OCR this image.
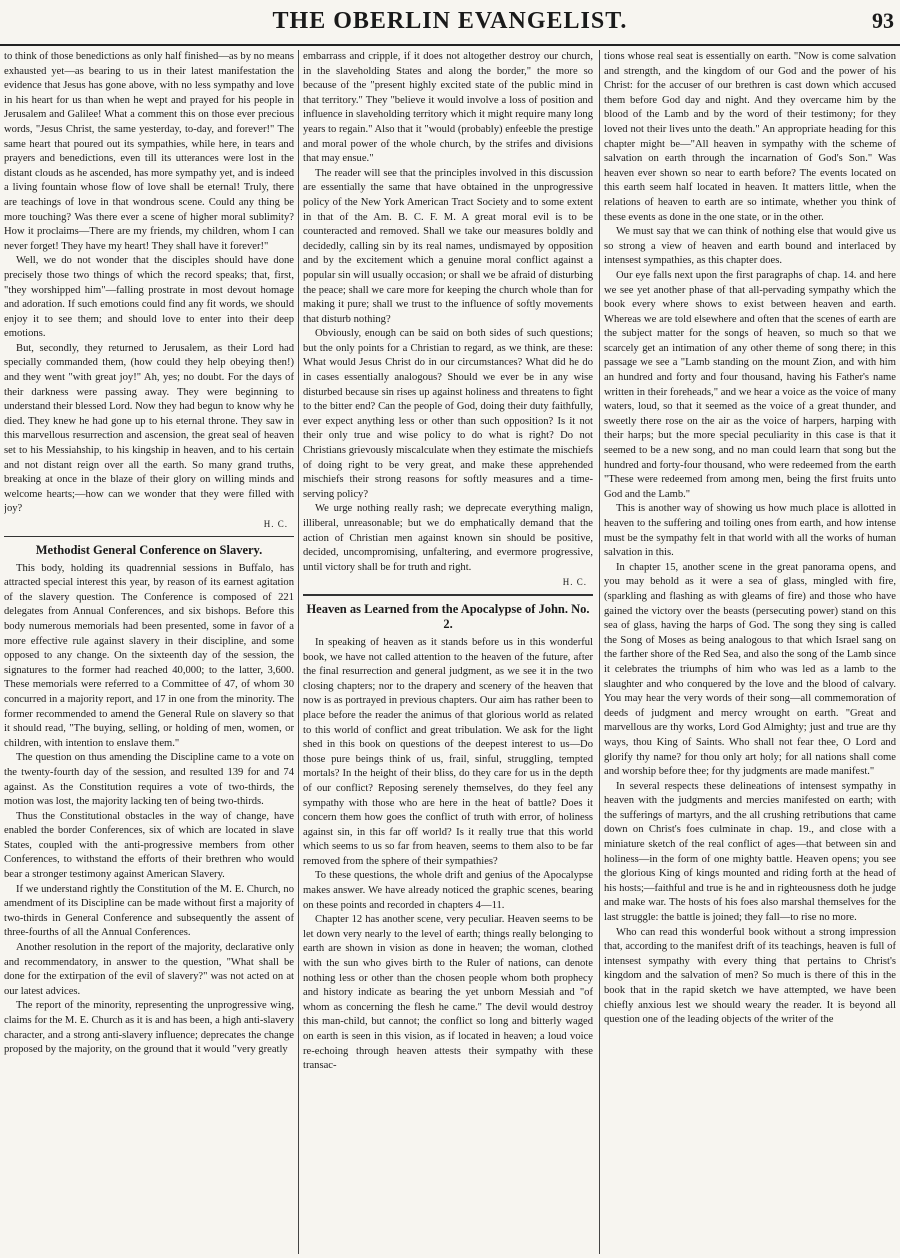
THE OBERLIN EVANGELIST.	93

to think of those benedictions as only half finished—as by no means exhausted yet—as bearing to us in their latest manifestation the evidence that Jesus has gone above, with no less sympathy and love in his heart for us than when he wept and prayed for his people in Jerusalem and Galilee! What a comment this on those ever precious words, "Jesus Christ, the same yesterday, to-day, and forever!" The same heart that poured out its sympathies, while here, in tears and prayers and benedictions, even till its utterances were lost in the distant clouds as he ascended, has more sympathy yet, and is indeed a living fountain whose flow of love shall be eternal! Truly, there are teachings of love in that wondrous scene. Could any thing be more touching? Was there ever a scene of higher moral sublimity? How it proclaims—There are my friends, my children, whom I can never forget! They have my heart! They shall have it forever!"

Well, we do not wonder that the disciples should have done precisely those two things of which the record speaks; that, first, "they worshipped him"—falling prostrate in most devout homage and adoration. If such emotions could find any fit words, we should enjoy it to see them; and should love to enter into their deep emotions.

But, secondly, they returned to Jerusalem, as their Lord had specially commanded them, (how could they help obeying then!) and they went "with great joy!" Ah, yes; no doubt. For the days of their darkness were passing away. They were beginning to understand their blessed Lord. Now they had begun to know why he died. They knew he had gone up to his eternal throne. They saw in this marvellous resurrection and ascension, the great seal of heaven set to his Messiahship, to his kingship in heaven, and to his certain and not distant reign over all the earth. So many grand truths, breaking at once in the blaze of their glory on willing minds and welcome hearts;—how can we wonder that they were filled with joy?

H. C.

Methodist General Conference on Slavery.

This body, holding its quadrennial sessions in Buffalo, has attracted special interest this year, by reason of its earnest agitation of the slavery question. The Conference is composed of 221 delegates from Annual Conferences, and six bishops. Before this body numerous memorials had been presented, some in favor of a more effective rule against slavery in their discipline, and some opposed to any change. On the sixteenth day of the session, the signatures to the former had reached 40,000; to the latter, 3,600. These memorials were referred to a Committee of 47, of whom 30 concurred in a majority report, and 17 in one from the minority. The former recommended to amend the General Rule on slavery so that it should read, "The buying, selling, or holding of men, women, or children, with intention to enslave them."

The question on thus amending the Discipline came to a vote on the twenty-fourth day of the session, and resulted 139 for and 74 against. As the Constitution requires a vote of two-thirds, the motion was lost, the majority lacking ten of being two-thirds.

Thus the Constitutional obstacles in the way of change, have enabled the border Conferences, six of which are located in slave States, coupled with the anti-progressive members from other Conferences, to withstand the efforts of their brethren who would bear a stronger testimony against American Slavery.

If we understand rightly the Constitution of the M. E. Church, no amendment of its Discipline can be made without first a majority of two-thirds in General Conference and subsequently the assent of three-fourths of all the Annual Conferences.

Another resolution in the report of the majority, declarative only and recommendatory, in answer to the question, "What shall be done for the extirpation of the evil of slavery?" was not acted on at our latest advices.

The report of the minority, representing the unprogressive wing, claims for the M. E. Church as it is and has been, a high anti-slavery character, and a strong anti-slavery influence; deprecates the change proposed by the majority, on the ground that it would "very greatly

embarrass and cripple, if it does not altogether destroy our church, in the slaveholding States and along the border," the more so because of the "present highly excited state of the public mind in that territory." They "believe it would involve a loss of position and influence in slaveholding territory which it might require many long years to regain." Also that it "would (probably) enfeeble the prestige and moral power of the whole church, by the strifes and divisions that may ensue."

The reader will see that the principles involved in this discussion are essentially the same that have obtained in the unprogressive policy of the New York American Tract Society and to some extent in that of the Am. B. C. F. M. A great moral evil is to be counteracted and removed. Shall we take our measures boldly and decidedly, calling sin by its real names, undismayed by opposition and by the excitement which a genuine moral conflict against a popular sin will usually occasion; or shall we be afraid of disturbing the peace; shall we care more for keeping the church whole than for making it pure; shall we trust to the influence of softly movements that disturb nothing?

Obviously, enough can be said on both sides of such questions; but the only points for a Christian to regard, as we think, are these: What would Jesus Christ do in our circumstances? What did he do in cases essentially analogous? Should we ever be in any wise disturbed because sin rises up against holiness and threatens to fight to the bitter end? Can the people of God, doing their duty faithfully, ever expect anything less or other than such opposition? Is it not their only true and wise policy to do what is right? Do not Christians grievously miscalculate when they estimate the mischiefs of doing right to be very great, and make these apprehended mischiefs their strong reasons for softly measures and a time-serving policy?

We urge nothing really rash; we deprecate everything malign, illiberal, unreasonable; but we do emphatically demand that the action of Christian men against known sin should be positive, decided, uncompromising, unfaltering, and evermore progressive, until victory shall be for truth and right.

H. C.

Heaven as Learned from the Apocalypse of John. No. 2.

In speaking of heaven as it stands before us in this wonderful book, we have not called attention to the heaven of the future, after the final resurrection and general judgment, as we see it in the two closing chapters; nor to the drapery and scenery of the heaven that now is as portrayed in previous chapters. Our aim has rather been to place before the reader the animus of that glorious world as related to this world of conflict and great tribulation. We ask for the light shed in this book on questions of the deepest interest to us—Do those pure beings think of us, frail, sinful, struggling, tempted mortals? In the height of their bliss, do they care for us in the depth of our conflict? Reposing serenely themselves, do they feel any sympathy with those who are here in the heat of battle? Does it concern them how goes the conflict of truth with error, of holiness against sin, in this far off world? Is it really true that this world which seems to us so far from heaven, seems to them also to be far removed from the sphere of their sympathies?

To these questions, the whole drift and genius of the Apocalypse makes answer. We have already noticed the graphic scenes, bearing on these points and recorded in chapters 4—11.

Chapter 12 has another scene, very peculiar. Heaven seems to be let down very nearly to the level of earth; things really belonging to earth are shown in vision as done in heaven; the woman, clothed with the sun who gives birth to the Ruler of nations, can denote nothing less or other than the chosen people whom both prophecy and history indicate as bearing the yet unborn Messiah and "of whom as concerning the flesh he came." The devil would destroy this man-child, but cannot; the conflict so long and bitterly waged on earth is seen in this vision, as if located in heaven; a loud voice re-echoing through heaven attests their sympathy with these transac-

tions whose real seat is essentially on earth. "Now is come salvation and strength, and the kingdom of our God and the power of his Christ: for the accuser of our brethren is cast down which accused them before God day and night. And they overcame him by the blood of the Lamb and by the word of their testimony; for they loved not their lives unto the death." An appropriate heading for this chapter might be—"All heaven in sympathy with the scheme of salvation on earth through the incarnation of God's Son." Was heaven ever shown so near to earth before? The events located on this earth seem half located in heaven. It matters little, when the relations of heaven to earth are so intimate, whether you think of these events as done in the one state, or in the other.

We must say that we can think of nothing else that would give us so strong a view of heaven and earth bound and interlaced by intensest sympathies, as this chapter does.

Our eye falls next upon the first paragraphs of chap. 14. and here we see yet another phase of that all-pervading sympathy which the book every where shows to exist between heaven and earth. Whereas we are told elsewhere and often that the scenes of earth are the subject matter for the songs of heaven, so much so that we scarcely get an intimation of any other theme of song there; in this passage we see a "Lamb standing on the mount Zion, and with him an hundred and forty and four thousand, having his Father's name written in their foreheads," and we hear a voice as the voice of many waters, loud, so that it seemed as the voice of a great thunder, and sweetly there rose on the air as the voice of harpers, harping with their harps; but the more special peculiarity in this case is that it seemed to be a new song, and no man could learn that song but the hundred and forty-four thousand, who were redeemed from the earth "These were redeemed from among men, being the first fruits unto God and the Lamb."

This is another way of showing us how much place is allotted in heaven to the suffering and toiling ones from earth, and how intense must be the sympathy felt in that world with all the works of human salvation in this.

In chapter 15, another scene in the great panorama opens, and you may behold as it were a sea of glass, mingled with fire, (sparkling and flashing as with gleams of fire) and those who have gained the victory over the beasts (persecuting power) stand on this sea of glass, having the harps of God. The song they sing is called the Song of Moses as being analogous to that which Israel sang on the farther shore of the Red Sea, and also the song of the Lamb since it celebrates the triumphs of him who was led as a lamb to the slaughter and who conquered by the love and the blood of calvary. You may hear the very words of their song—all commemoration of deeds of judgment and mercy wrought on earth. "Great and marvellous are thy works, Lord God Almighty; just and true are thy ways, thou King of Saints. Who shall not fear thee, O Lord and glorify thy name? for thou only art holy; for all nations shall come and worship before thee; for thy judgments are made manifest."

In several respects these delineations of intensest sympathy in heaven with the judgments and mercies manifested on earth; with the sufferings of martyrs, and the all crushing retributions that came down on Christ's foes culminate in chap. 19., and close with a miniature sketch of the real conflict of ages—that between sin and holiness—in the form of one mighty battle. Heaven opens; you see the glorious King of kings mounted and riding forth at the head of his hosts;—faithful and true is he and in righteousness doth he judge and make war. The hosts of his foes also marshal themselves for the last struggle: the battle is joined; they fall—to rise no more.

Who can read this wonderful book without a strong impression that, according to the manifest drift of its teachings, heaven is full of intensest sympathy with every thing that pertains to Christ's kingdom and the salvation of men? So much is there of this in the book that in the rapid sketch we have attempted, we have been chiefly anxious lest we should weary the reader. It is beyond all question one of the leading objects of the writer of the
